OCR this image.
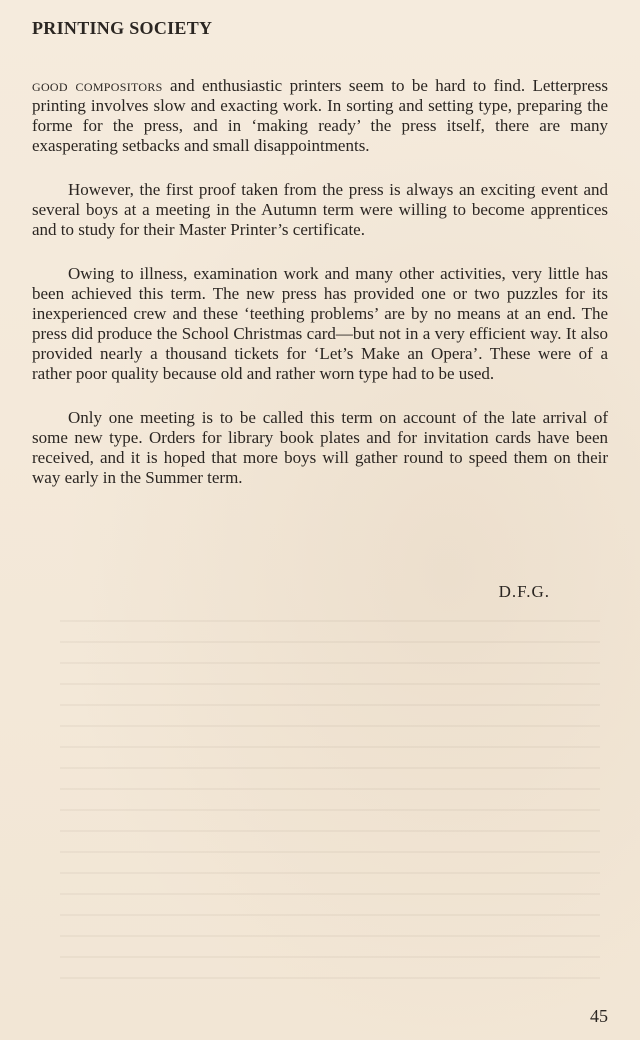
PRINTING SOCIETY

good compositors and enthusiastic printers seem to be hard to find. Letterpress printing involves slow and exacting work. In sorting and setting type, preparing the forme for the press, and in ‘making ready’ the press itself, there are many exasperating setbacks and small disappointments.

However, the first proof taken from the press is always an exciting event and several boys at a meeting in the Autumn term were willing to become apprentices and to study for their Master Printer’s certificate.

Owing to illness, examination work and many other activities, very little has been achieved this term. The new press has provided one or two puzzles for its inexperienced crew and these ‘teething problems’ are by no means at an end. The press did produce the School Christmas card—but not in a very efficient way. It also provided nearly a thousand tickets for ‘Let’s Make an Opera’. These were of a rather poor quality because old and rather worn type had to be used.

Only one meeting is to be called this term on account of the late arrival of some new type. Orders for library book plates and for invitation cards have been received, and it is hoped that more boys will gather round to speed them on their way early in the Summer term.

D.F.G.
45
